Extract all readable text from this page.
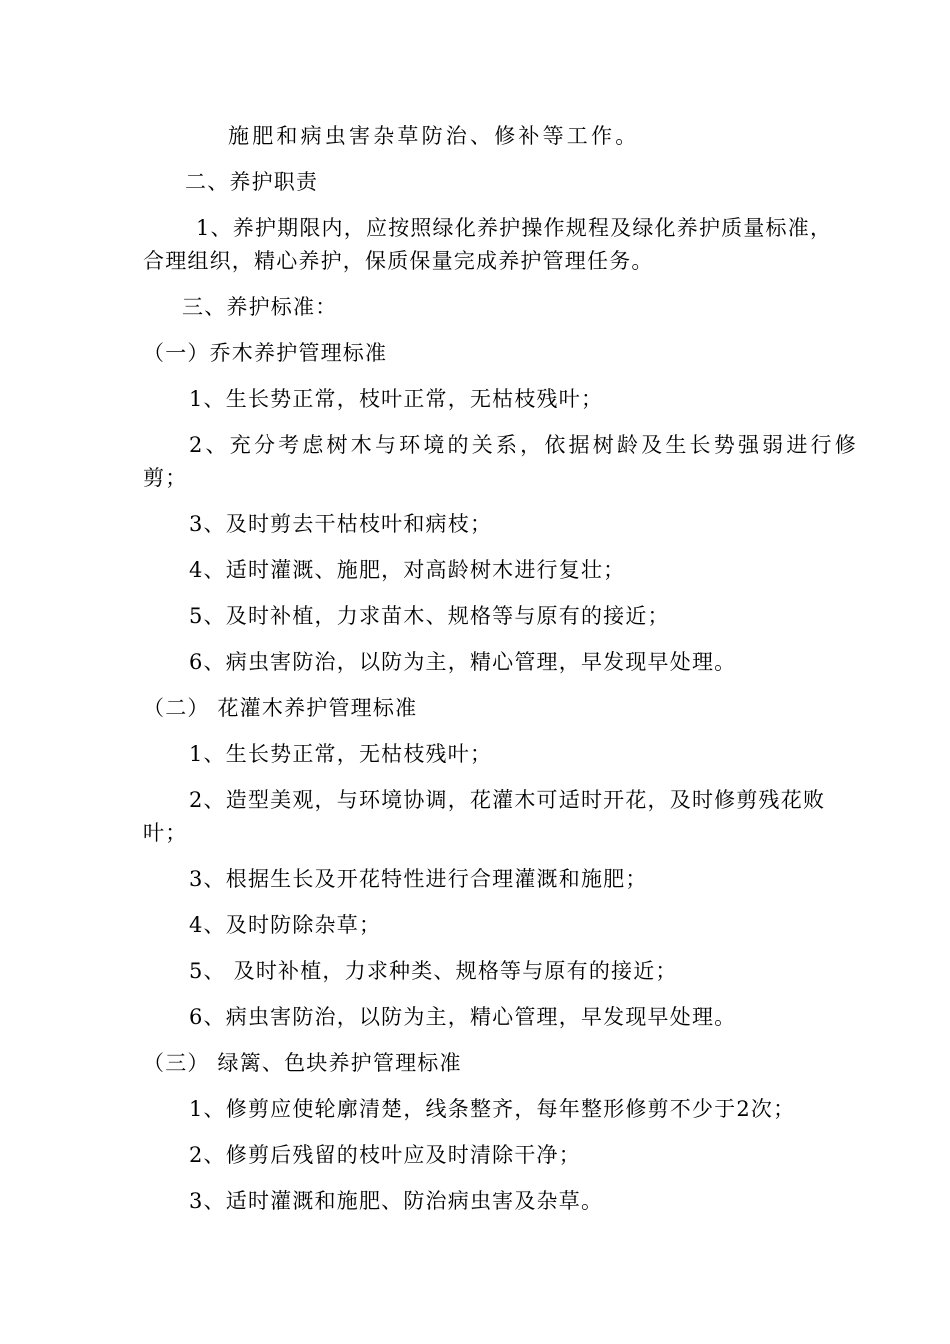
施肥和病虫害杂草防治、修补等工作。
二、养护职责
1、养护期限内，应按照绿化养护操作规程及绿化养护质量标准，
合理组织，精心养护，保质保量完成养护管理任务。
三、养护标准：
（一）乔木养护管理标准
1、生长势正常，枝叶正常，无枯枝残叶；
2、充分考虑树木与环境的关系，依据树龄及生长势强弱进行修
剪；
3、及时剪去干枯枝叶和病枝；
4、适时灌溉、施肥，对高龄树木进行复壮；
5、及时补植，力求苗木、规格等与原有的接近；
6、病虫害防治，以防为主，精心管理，早发现早处理。
（二） 花灌木养护管理标准
1、生长势正常，无枯枝残叶；
2、造型美观，与环境协调，花灌木可适时开花，及时修剪残花败
叶；
3、根据生长及开花特性进行合理灌溉和施肥；
4、及时防除杂草；
5、 及时补植，力求种类、规格等与原有的接近；
6、病虫害防治，以防为主，精心管理，早发现早处理。
（三） 绿篱、色块养护管理标准
1、修剪应使轮廓清楚，线条整齐，每年整形修剪不少于2次；
2、修剪后残留的枝叶应及时清除干净；
3、适时灌溉和施肥、防治病虫害及杂草。
